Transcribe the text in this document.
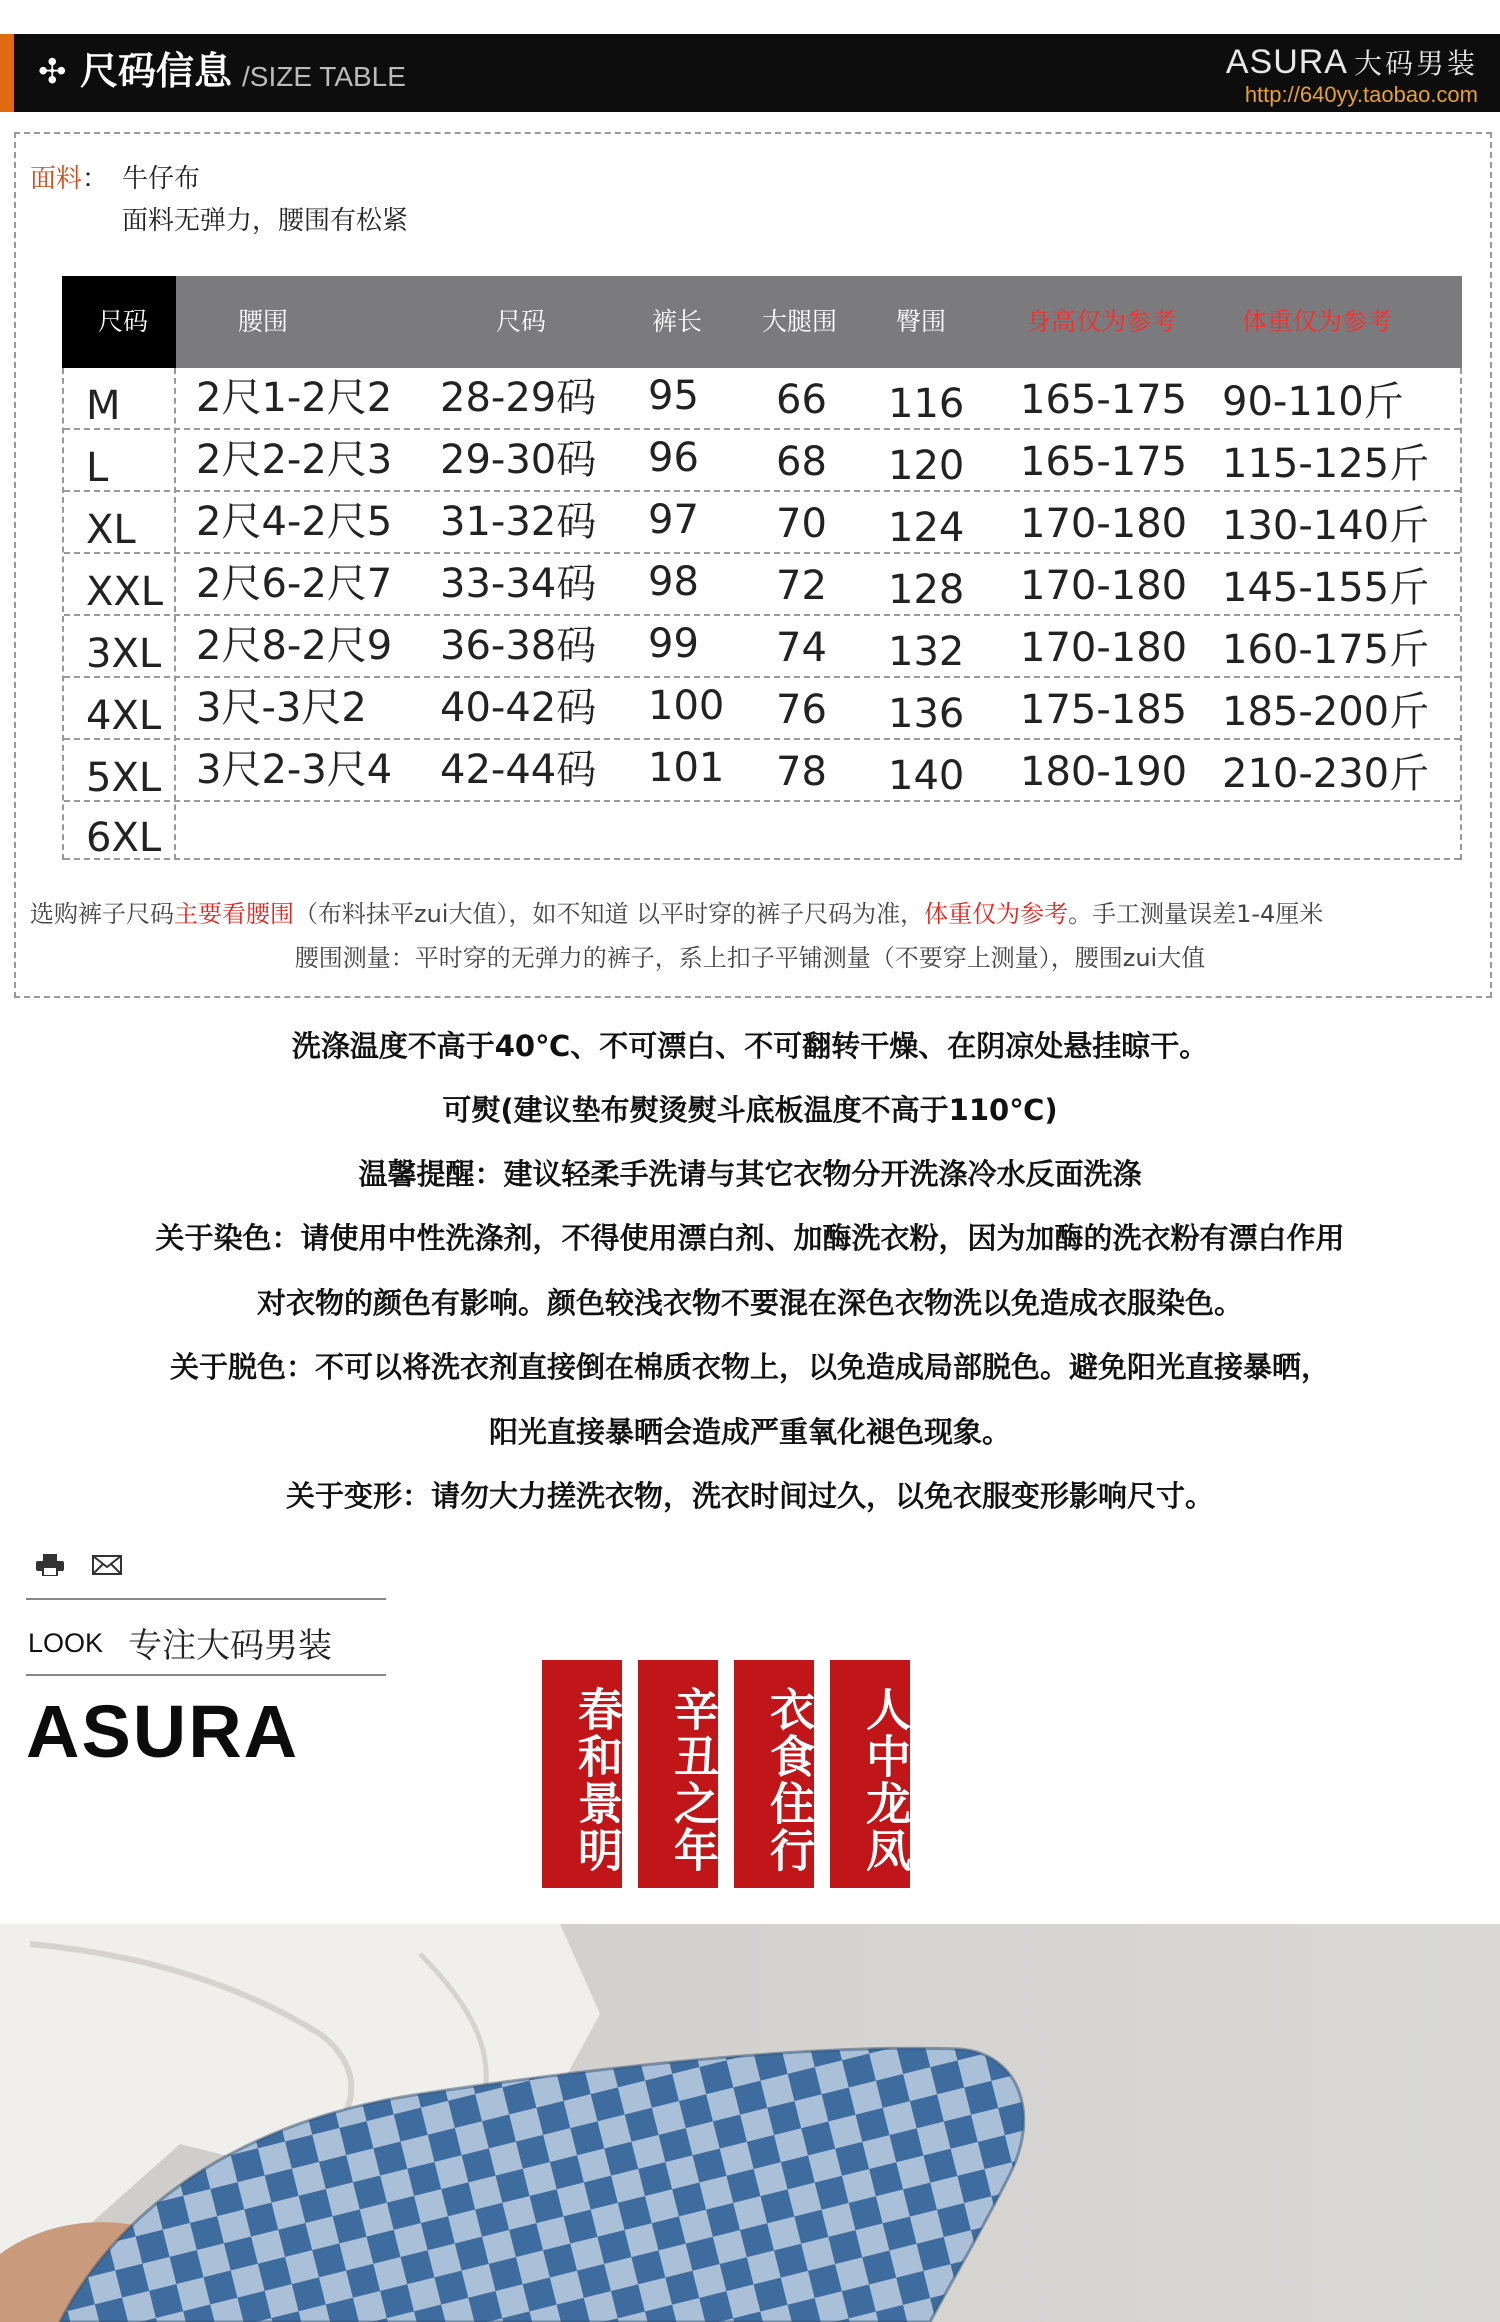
✣ 尺码信息 /SIZE TABLE	ASURA 大码男装
http://640yy.taobao.com
面料： 牛仔布
面料无弹力，腰围有松紧
尺码	腰围	尺码	裤长 大腿围 臀围	身高仅为参考	体重仅为参考
M 2尺1-2尺2 28-29码 95 66 116 165-175 90-110斤
L 2尺2-2尺3 29-30码 96 68 120 165-175 115-125斤
XL 2尺4-2尺5 31-32码 97 70 124 170-180 130-140斤
XXL 2尺6-2尺7 33-34码 98 72 128 170-180 145-155斤
3XL 2尺8-2尺9 36-38码 99 74 132 170-180 160-175斤
4XL 3尺-3尺2 40-42码 100 76 136 175-185 185-200斤
5XL 3尺2-3尺4 42-44码 101 78 140 180-190 210-230斤
6XL
选购裤子尺码主要看腰围（布料抹平zui大值），如不知道 以平时穿的裤子尺码为准，体重仅为参考。手工测量误差1-4厘米
腰围测量：平时穿的无弹力的裤子，系上扣子平铺测量（不要穿上测量），腰围zui大值
洗涤温度不高于40℃、不可漂白、不可翻转干燥、在阴凉处悬挂晾干。
可熨(建议垫布熨烫熨斗底板温度不高于110℃)
温馨提醒：建议轻柔手洗请与其它衣物分开洗涤冷水反面洗涤
关于染色：请使用中性洗涤剂，不得使用漂白剂、加酶洗衣粉，因为加酶的洗衣粉有漂白作用
对衣物的颜色有影响。颜色较浅衣物不要混在深色衣物洗以免造成衣服染色。
关于脱色：不可以将洗衣剂直接倒在棉质衣物上，以免造成局部脱色。避免阳光直接暴晒，
阳光直接暴晒会造成严重氧化褪色现象。
关于变形：请勿大力搓洗衣物，洗衣时间过久，以免衣服变形影响尺寸。
LOOK 专注大码男装
ASURA	春和景明 辛丑之年 衣食住行 人中龙凤
